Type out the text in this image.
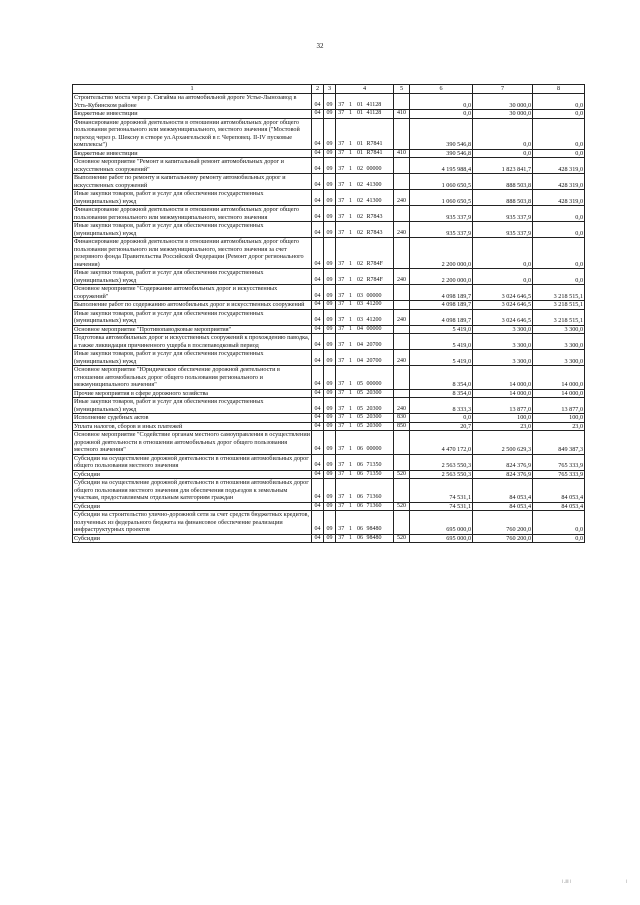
32
1	2	3	4				5	6	7	8
Строительство моста через р. Сигайма на автомобильной дороге Устье-Лынозавод в Усть-Кубинском районе	04	09	37	1	01	41128		0,0	30 000,0	0,0
Бюджетные инвестиции	04	09	37	1	01	41128	410	0,0	30 000,0	0,0
Финансирование дорожной деятельности в отношении автомобильных дорог общего пользования регионального или межмуниципального, местного значения ("Мостовой переход через р. Шексну в створе ул.Архангельской в г. Череповец. II-IV пусковые комплексы")	04	09	37	1	01	R7841		390 546,8	0,0	0,0
Бюджетные инвестиции	04	09	37	1	01	R7841	410	390 546,8	0,0	0,0
Основное мероприятие "Ремонт и капитальный ремонт автомобильных дорог и искусственных сооружений"	04	09	37	1	02	00000		4 195 988,4	1 823 841,7	428 319,0
Выполнение работ по ремонту и капитальному ремонту автомобильных дорог и искусственных сооружений	04	09	37	1	02	41300		1 060 650,5	888 503,8	428 319,0
Иные закупки товаров, работ и услуг для обеспечения государственных (муниципальных) нужд	04	09	37	1	02	41300	240	1 060 650,5	888 503,8	428 319,0
Финансирование дорожной деятельности в отношении автомобильных дорог общего пользования регионального или межмуниципального, местного значения	04	09	37	1	02	R7843		935 337,9	935 337,9	0,0
Иные закупки товаров, работ и услуг для обеспечения государственных (муниципальных) нужд	04	09	37	1	02	R7843	240	935 337,9	935 337,9	0,0
Финансирование дорожной деятельности в отношении автомобильных дорог общего пользования регионального или межмуниципального, местного значения за счет резервного фонда Правительства Российской Федерации (Ремонт дорог регионального значения)	04	09	37	1	02	R784F		2 200 000,0	0,0	0,0
Иные закупки товаров, работ и услуг для обеспечения государственных (муниципальных) нужд	04	09	37	1	02	R784F	240	2 200 000,0	0,0	0,0
Основное мероприятие "Содержание автомобильных дорог и искусственных сооружений"	04	09	37	1	03	00000		4 098 189,7	3 024 646,5	3 218 515,1
Выполнение работ по содержанию автомобильных дорог и искусственных сооружений	04	09	37	1	03	41200		4 098 189,7	3 024 646,5	3 218 515,1
Иные закупки товаров, работ и услуг для обеспечения государственных (муниципальных) нужд	04	09	37	1	03	41200	240	4 098 189,7	3 024 646,5	3 218 515,1
Основное мероприятие "Противопаводковые мероприятия"	04	09	37	1	04	00000		5 419,0	3 300,0	3 300,0
Подготовка автомобильных дорог и искусственных сооружений к прохождению паводка, а также ликвидация причиненного ущерба в послепаводковый период	04	09	37	1	04	20700		5 419,0	3 300,0	3 300,0
Иные закупки товаров, работ и услуг для обеспечения государственных (муниципальных) нужд	04	09	37	1	04	20700	240	5 419,0	3 300,0	3 300,0
Основное мероприятие "Юридическое обеспечение дорожной деятельности в отношении автомобильных дорог общего пользования регионального и межмуниципального значения"	04	09	37	1	05	00000		8 354,0	14 000,0	14 000,0
Прочие мероприятия в сфере дорожного хозяйства	04	09	37	1	05	20300		8 354,0	14 000,0	14 000,0
Иные закупки товаров, работ и услуг для обеспечения государственных (муниципальных) нужд	04	09	37	1	05	20300	240	8 333,3	13 877,0	13 877,0
Исполнение судебных актов	04	09	37	1	05	20300	830	0,0	100,0	100,0
Уплата налогов, сборов и иных платежей	04	09	37	1	05	20300	850	20,7	23,0	23,0
Основное мероприятие "Содействие органам местного самоуправления в осуществлении дорожной деятельности в отношении автомобильных дорог общего пользования местного значения"	04	09	37	1	06	00000		4 470 172,0	2 500 629,3	849 387,3
Субсидии на осуществление дорожной деятельности в отношении автомобильных дорог общего пользования местного значения	04	09	37	1	06	71350		2 563 550,3	824 376,9	765 333,9
Субсидии	04	09	37	1	06	71350	520	2 563 550,3	824 376,9	765 333,9
Субсидии на осуществление дорожной деятельности в отношении автомобильных дорог общего пользования местного значения для обеспечения подъездов к земельным участкам, предоставляемым отдельным категориям граждан	04	09	37	1	06	71360		74 531,1	84 053,4	84 053,4
Субсидии	04	09	37	1	06	71360	520	74 531,1	84 053,4	84 053,4
Субсидии на строительство улично-дорожной сети за счет средств бюджетных кредитов, полученных из федерального бюджета на финансовое обеспечение реализации инфраструктурных проектов	04	09	37	1	06	98480		695 000,0	760 200,0	0,0
Субсидии	04	09	37	1	06	98480	520	695 000,0	760 200,0	0,0
ǀ .ǀǀǀ ǀ	ǀ
